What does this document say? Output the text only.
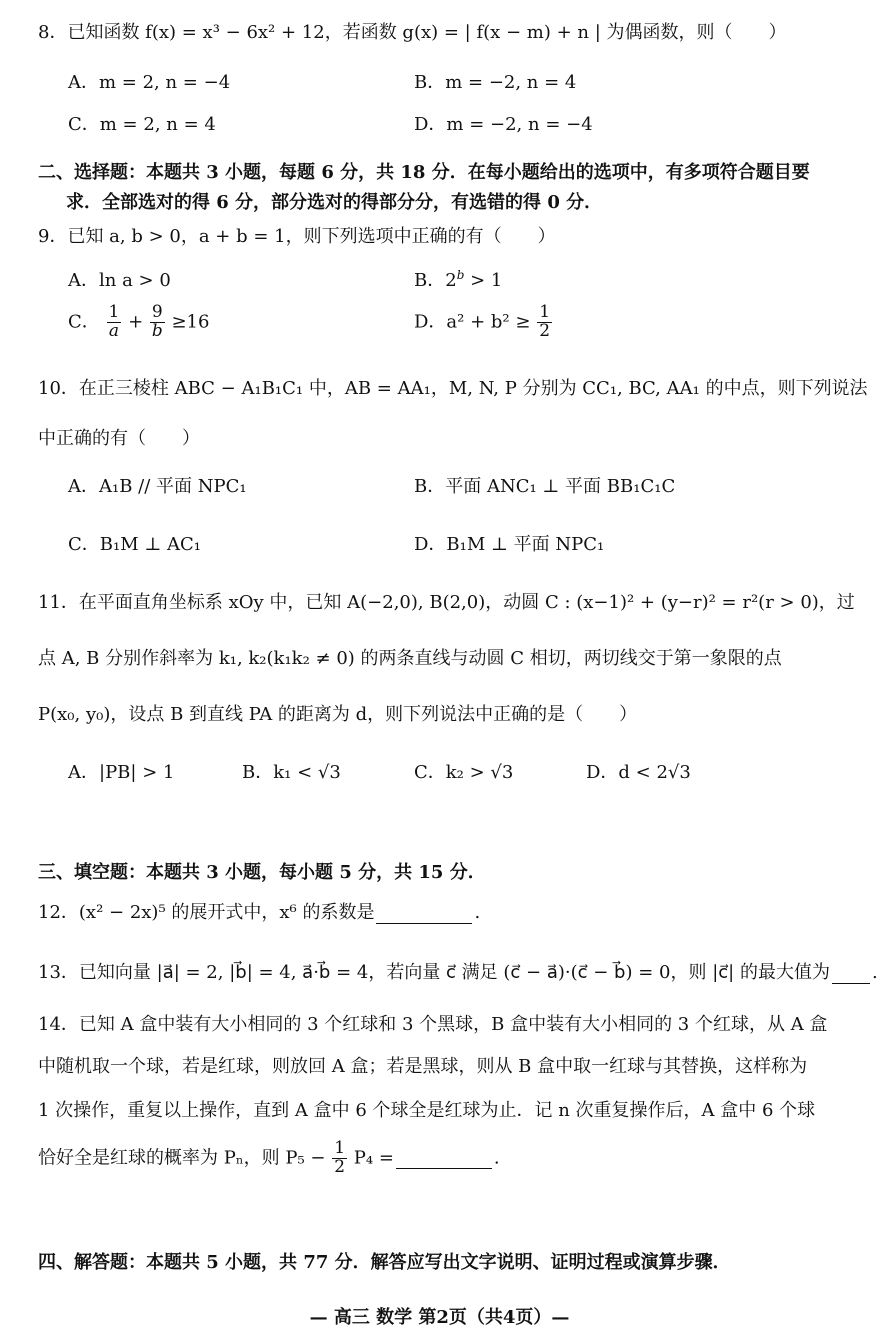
8．已知函数 f(x) = x³ − 6x² + 12，若函数 g(x) = | f(x − m) + n | 为偶函数，则（　　）
A．m = 2, n = −4	B．m = −2, n = 4
C．m = 2, n = 4	D．m = −2, n = −4
二、选择题：本题共 3 小题，每题 6 分，共 18 分．在每小题给出的选项中，有多项符合题目要
求．全部选对的得 6 分，部分选对的得部分分，有选错的得 0 分．
9．已知 a, b > 0，a + b = 1，则下列选项中正确的有（　　）
A．ln a > 0	B．$2^b > 1$
C． $\frac{1}{a} + \frac{9}{b} \ge 16$	D．$a^2 + b^2 \ge \frac{1}{2}$
10．在正三棱柱 ABC − A₁B₁C₁ 中，AB = AA₁，M, N, P 分别为 CC₁, BC, AA₁ 的中点，则下列说法
中正确的有（　　）
A．A₁B // 平面 NPC₁	B．平面 ANC₁ ⊥ 平面 BB₁C₁C
C．B₁M ⊥ AC₁	D．B₁M ⊥ 平面 NPC₁
11．在平面直角坐标系 xOy 中，已知 A(−2,0), B(2,0)，动圆 C : (x−1)² + (y−r)² = r²(r > 0)，过
点 A, B 分别作斜率为 k₁, k₂(k₁k₂ ≠ 0) 的两条直线与动圆 C 相切，两切线交于第一象限的点
P(x₀, y₀)，设点 B 到直线 PA 的距离为 d，则下列说法中正确的是（　　）
A．|PB| > 1	B．k₁ < √3	C．k₂ > √3	D．d < 2√3
三、填空题：本题共 3 小题，每小题 5 分，共 15 分．
12．(x² − 2x)⁵ 的展开式中，x⁶ 的系数是	.
13．已知向量 |a⃗| = 2, |b⃗| = 4, a⃗·b⃗ = 4，若向量 c⃗ 满足 (c⃗ − a⃗)·(c⃗ − b⃗) = 0，则 |c⃗| 的最大值为 .
14．已知 A 盒中装有大小相同的 3 个红球和 3 个黑球，B 盒中装有大小相同的 3 个红球，从 A 盒
中随机取一个球，若是红球，则放回 A 盒；若是黑球，则从 B 盒中取一红球与其替换，这样称为
1 次操作，重复以上操作，直到 A 盒中 6 个球全是红球为止．记 n 次重复操作后，A 盒中 6 个球
恰好全是红球的概率为 Pₙ，则 $P_5 - \frac{1}{2} P_4$ =	.
四、解答题：本题共 5 小题，共 77 分．解答应写出文字说明、证明过程或演算步骤．
— 高三 数学 第2页（共4页）—
